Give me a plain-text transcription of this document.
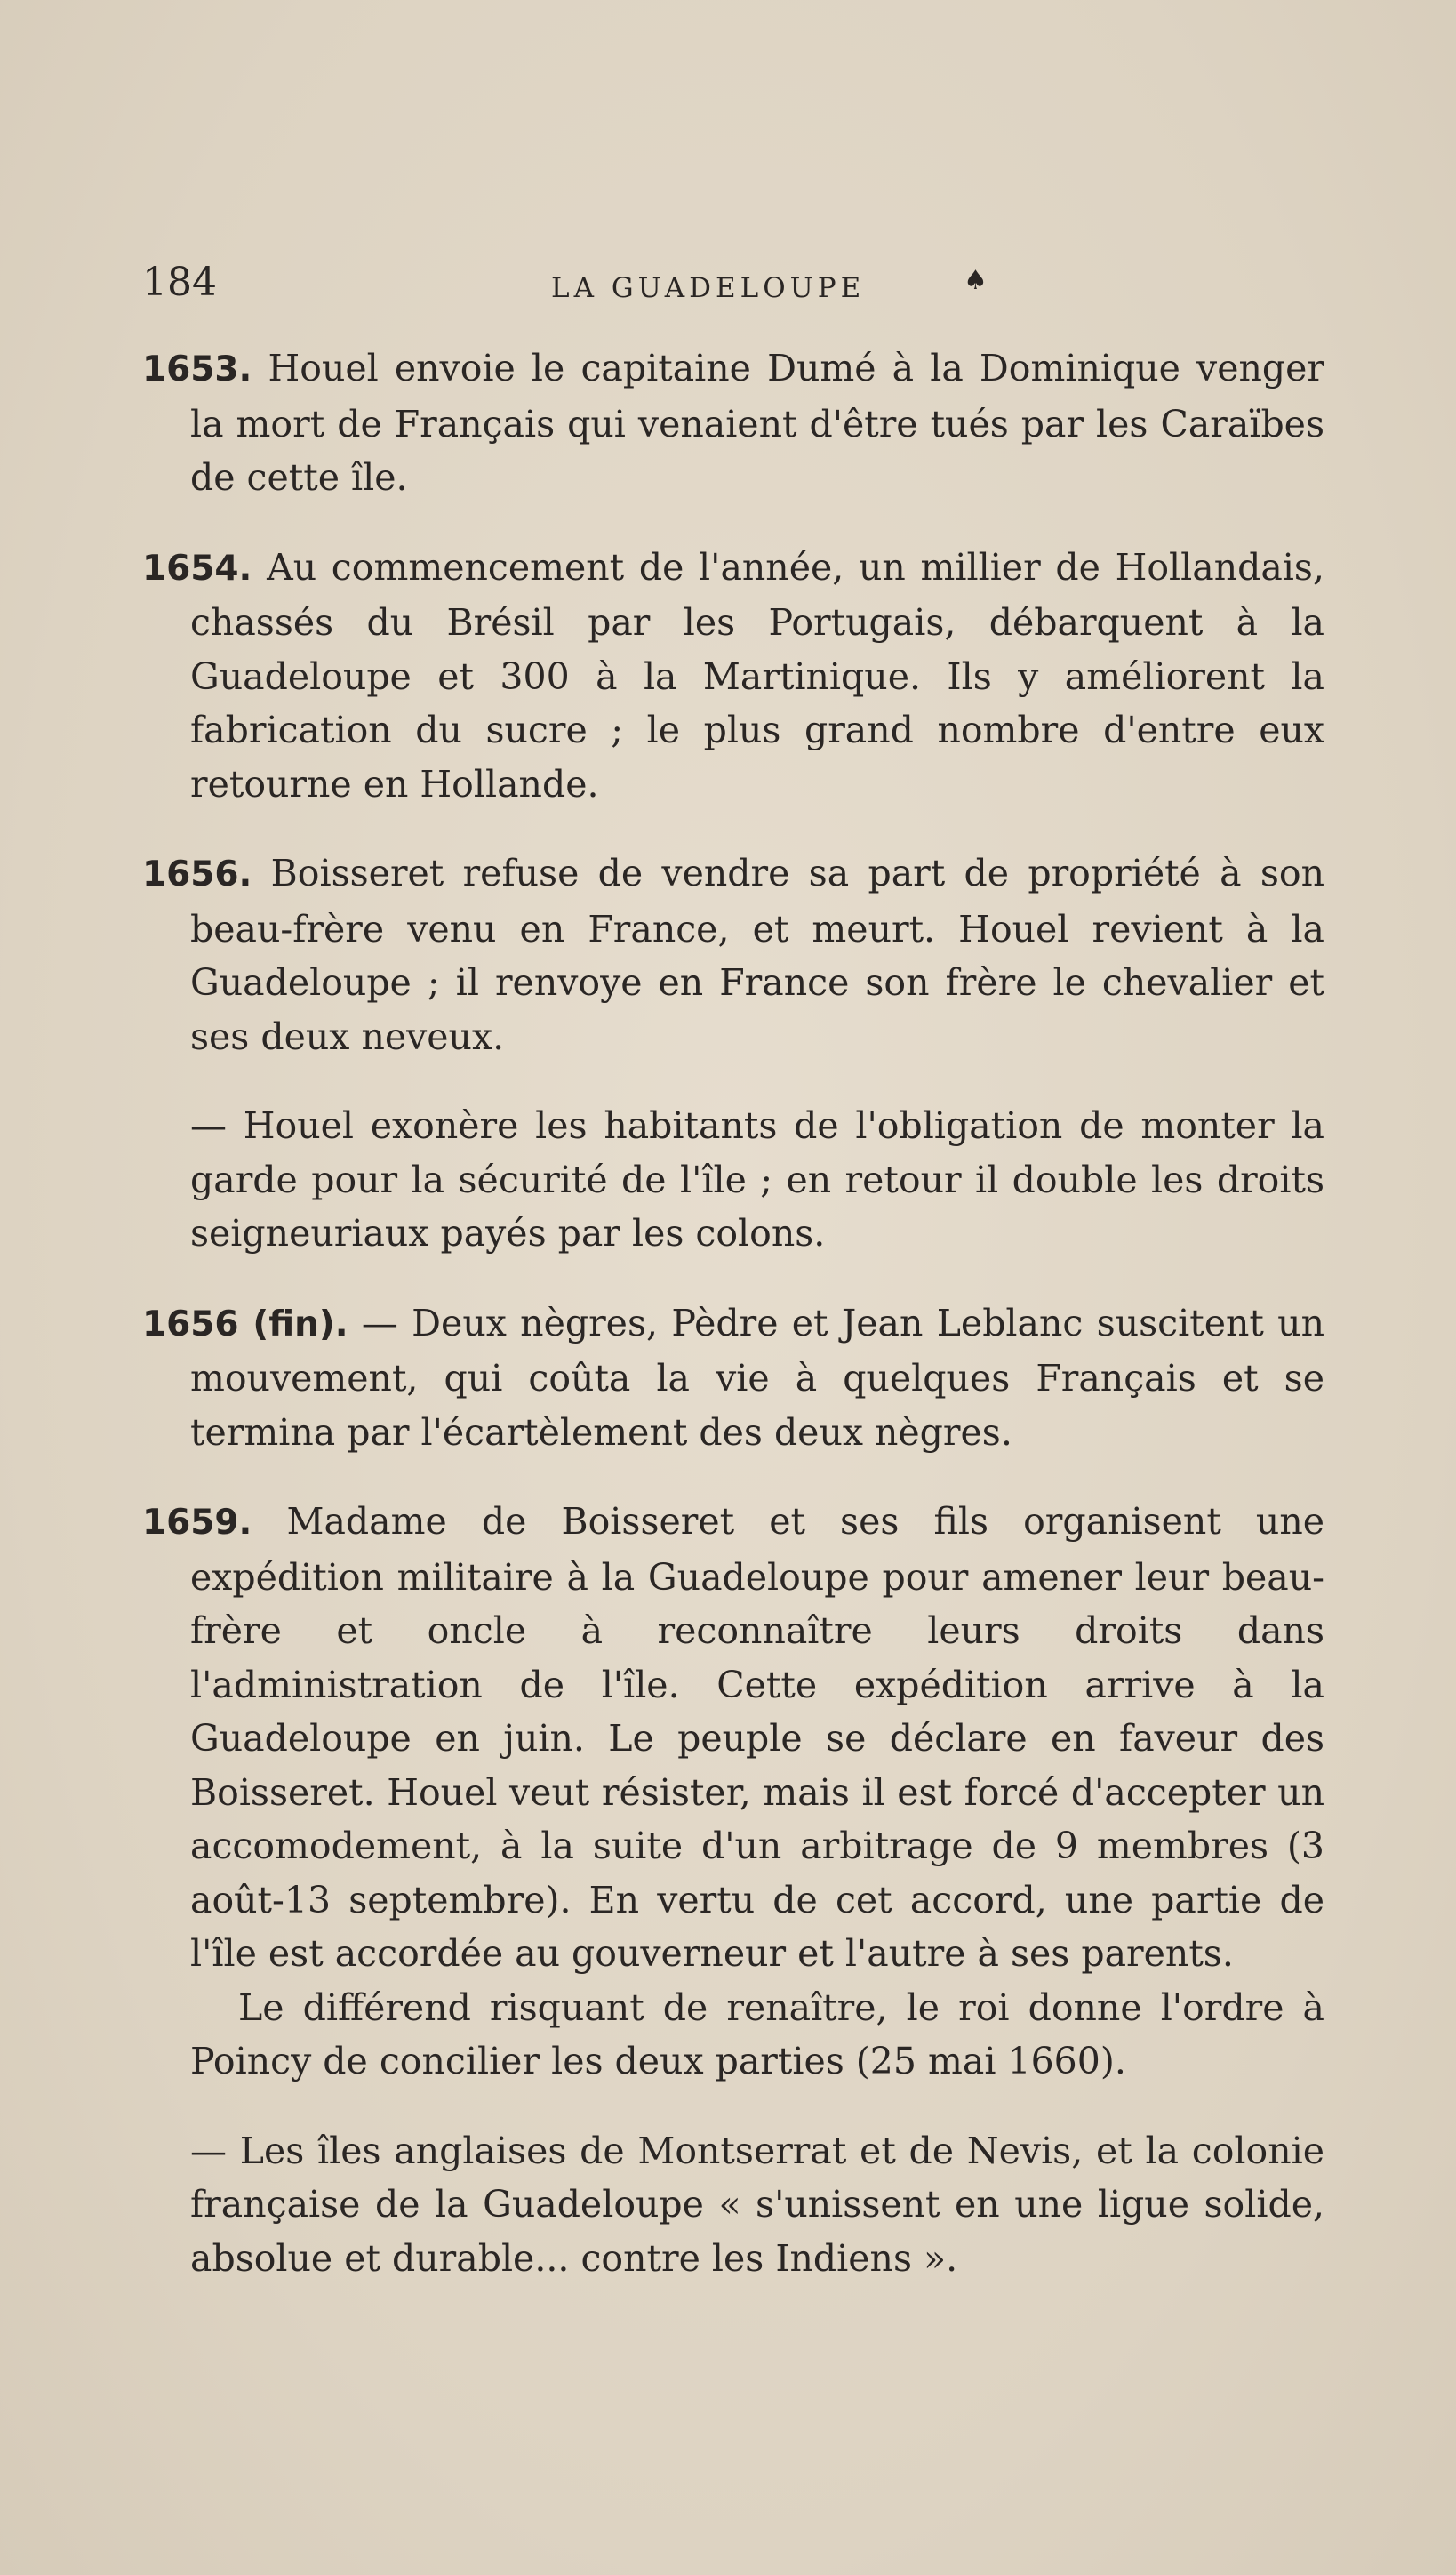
184	LA GUADELOUPE	♠

1653. Houel envoie le capitaine Dumé à la Dominique venger la mort de Français qui venaient d'être tués par les Caraïbes de cette île.

1654. Au commencement de l'année, un millier de Hollandais, chassés du Brésil par les Portugais, débarquent à la Guadeloupe et 300 à la Martinique. Ils y améliorent la fabrication du sucre ; le plus grand nombre d'entre eux retourne en Hollande.

1656. Boisseret refuse de vendre sa part de propriété à son beau-frère venu en France, et meurt. Houel revient à la Guadeloupe ; il renvoye en France son frère le chevalier et ses deux neveux.

— Houel exonère les habitants de l'obligation de monter la garde pour la sécurité de l'île ; en retour il double les droits seigneuriaux payés par les colons.

1656 (fin). — Deux nègres, Pèdre et Jean Leblanc suscitent un mouvement, qui coûta la vie à quelques Français et se termina par l'écartèlement des deux nègres.

1659. Madame de Boisseret et ses fils organisent une expédition militaire à la Guadeloupe pour amener leur beau-frère et oncle à reconnaître leurs droits dans l'administration de l'île. Cette expédition arrive à la Guadeloupe en juin. Le peuple se déclare en faveur des Boisseret. Houel veut résister, mais il est forcé d'accepter un accomodement, à la suite d'un arbitrage de 9 membres (3 août-13 septembre). En vertu de cet accord, une partie de l'île est accordée au gouverneur et l'autre à ses parents.

Le différend risquant de renaître, le roi donne l'ordre à Poincy de concilier les deux parties (25 mai 1660).

— Les îles anglaises de Montserrat et de Nevis, et la colonie française de la Guadeloupe « s'unissent en une ligue solide, absolue et durable... contre les Indiens ».
